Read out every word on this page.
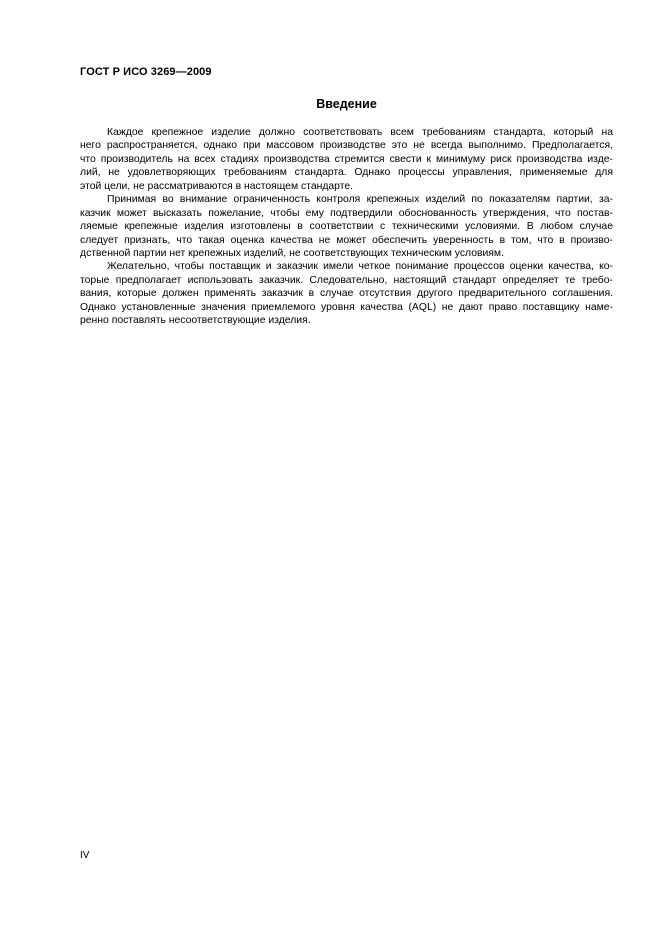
ГОСТ Р ИСО 3269—2009
Введение
Каждое крепежное изделие должно соответствовать всем требованиям стандарта, который на
него распространяется, однако при массовом производстве это не всегда выполнимо. Предполагается,
что производитель на всех стадиях производства стремится свести к минимуму риск производства изде-
лий, не удовлетворяющих требованиям стандарта. Однако процессы управления, применяемые для
этой цели, не рассматриваются в настоящем стандарте.
Принимая во внимание ограниченность контроля крепежных изделий по показателям партии, за-
казчик может высказать пожелание, чтобы ему подтвердили обоснованность утверждения, что постав-
ляемые крепежные изделия изготовлены в соответствии с техническими условиями. В любом случае
следует признать, что такая оценка качества не может обеспечить уверенность в том, что в произво-
дственной партии нет крепежных изделий, не соответствующих техническим условиям.
Желательно, чтобы поставщик и заказчик имели четкое понимание процессов оценки качества, ко-
торые предполагает использовать заказчик. Следовательно, настоящий стандарт определяет те требо-
вания, которые должен применять заказчик в случае отсутствия другого предварительного соглашения.
Однако установленные значения приемлемого уровня качества (AQL) не дают право поставщику наме-
ренно поставлять несоответствующие изделия.
IV
